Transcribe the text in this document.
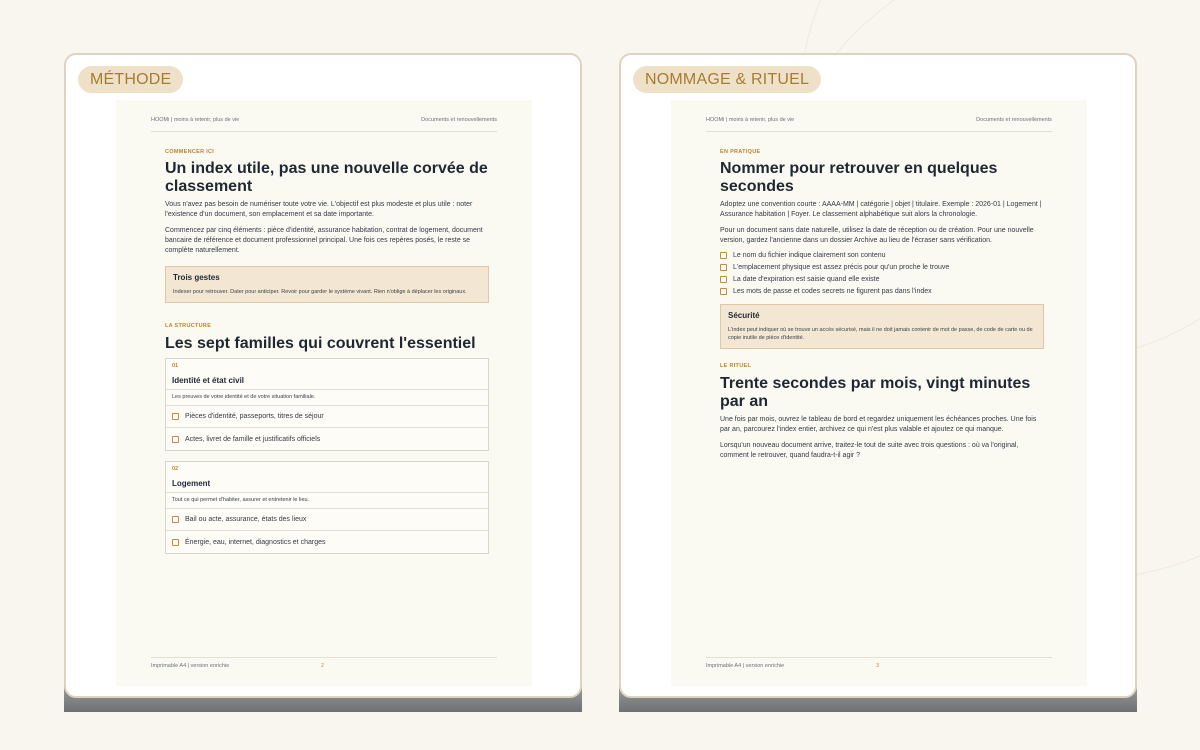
MÉTHODE
HOOMi | moins à retenir, plus de vie	Documents et renouvellements
COMMENCER ICI
Un index utile, pas une nouvelle corvée de classement
Vous n'avez pas besoin de numériser toute votre vie. L'objectif est plus modeste et plus utile : noter l'existence d'un document, son emplacement et sa date importante.
Commencez par cinq éléments : pièce d'identité, assurance habitation, contrat de logement, document bancaire de référence et document professionnel principal. Une fois ces repères posés, le reste se complète naturellement.
Trois gestes
Indexer pour retrouver. Dater pour anticiper. Revoir pour garder le système vivant. Rien n'oblige à déplacer les originaux.
LA STRUCTURE
Les sept familles qui couvrent l'essentiel
01
Identité et état civil
Les preuves de votre identité et de votre situation familiale.
Pièces d'identité, passeports, titres de séjour
Actes, livret de famille et justificatifs officiels
02
Logement
Tout ce qui permet d'habiter, assurer et entretenir le lieu.
Bail ou acte, assurance, états des lieux
Énergie, eau, internet, diagnostics et charges
Imprimable A4 | version enrichie	2
NOMMAGE & RITUEL
HOOMi | moins à retenir, plus de vie	Documents et renouvellements
EN PRATIQUE
Nommer pour retrouver en quelques secondes
Adoptez une convention courte : AAAA-MM | catégorie | objet | titulaire. Exemple : 2026-01 | Logement | Assurance habitation | Foyer. Le classement alphabétique suit alors la chronologie.
Pour un document sans date naturelle, utilisez la date de réception ou de création. Pour une nouvelle version, gardez l'ancienne dans un dossier Archive au lieu de l'écraser sans vérification.
Le nom du fichier indique clairement son contenu
L'emplacement physique est assez précis pour qu'un proche le trouve
La date d'expiration est saisie quand elle existe
Les mots de passe et codes secrets ne figurent pas dans l'index
Sécurité
L'index peut indiquer où se trouve un accès sécurisé, mais il ne doit jamais contenir de mot de passe, de code de carte ou de copie inutile de pièce d'identité.
LE RITUEL
Trente secondes par mois, vingt minutes par an
Une fois par mois, ouvrez le tableau de bord et regardez uniquement les échéances proches. Une fois par an, parcourez l'index entier, archivez ce qui n'est plus valable et ajoutez ce qui manque.
Lorsqu'un nouveau document arrive, traitez-le tout de suite avec trois questions : où va l'original, comment le retrouver, quand faudra-t-il agir ?
Imprimable A4 | version enrichie	3
